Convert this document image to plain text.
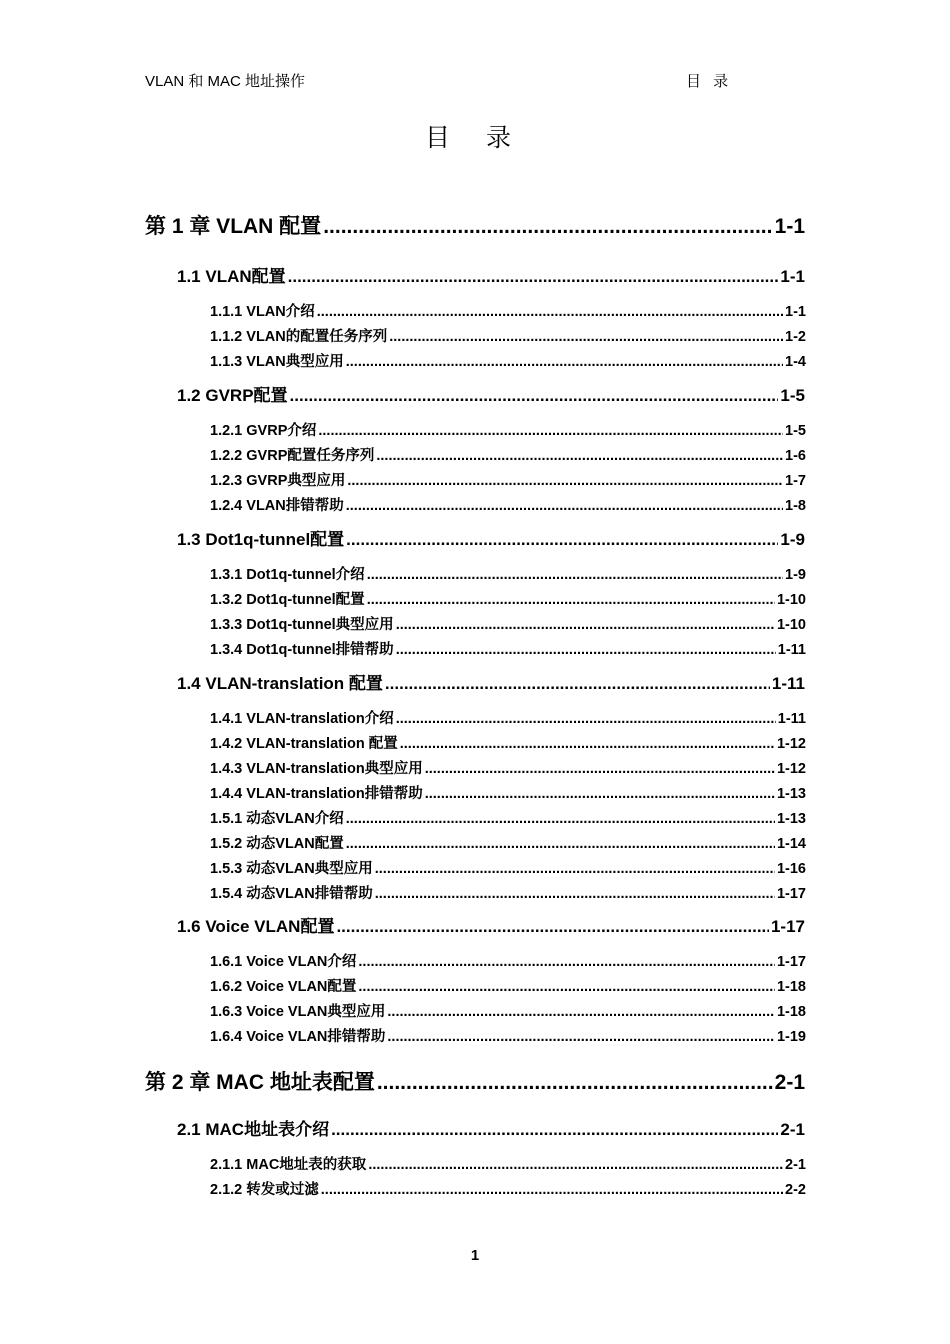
VLAN 和 MAC 地址操作	目 录
目 录
第 1 章 VLAN 配置 .....	1-1
1.1 VLAN配置 .....	1-1
1.1.1 VLAN介绍 .....	1-1
1.1.2 VLAN的配置任务序列 .....	1-2
1.1.3 VLAN典型应用 .....	1-4
1.2 GVRP配置 .....	1-5
1.2.1 GVRP介绍 .....	1-5
1.2.2 GVRP配置任务序列 .....	1-6
1.2.3 GVRP典型应用 .....	1-7
1.2.4 VLAN排错帮助 .....	1-8
1.3 Dot1q-tunnel配置 .....	1-9
1.3.1 Dot1q-tunnel介绍 .....	1-9
1.3.2 Dot1q-tunnel配置 .....	1-10
1.3.3 Dot1q-tunnel典型应用 .....	1-10
1.3.4 Dot1q-tunnel排错帮助 .....	1-11
1.4 VLAN-translation 配置 .....	1-11
1.4.1 VLAN-translation介绍 .....	1-11
1.4.2 VLAN-translation 配置 .....	1-12
1.4.3 VLAN-translation典型应用 .....	1-12
1.4.4 VLAN-translation排错帮助 .....	1-13
1.5.1 动态VLAN介绍 .....	1-13
1.5.2 动态VLAN配置 .....	1-14
1.5.3 动态VLAN典型应用 .....	1-16
1.5.4 动态VLAN排错帮助 .....	1-17
1.6 Voice VLAN配置 .....	1-17
1.6.1 Voice VLAN介绍 .....	1-17
1.6.2 Voice VLAN配置 .....	1-18
1.6.3 Voice VLAN典型应用 .....	1-18
1.6.4 Voice VLAN排错帮助 .....	1-19
第 2 章 MAC 地址表配置 .....	2-1
2.1 MAC地址表介绍 .....	2-1
2.1.1 MAC地址表的获取 .....	2-1
2.1.2 转发或过滤 .....	2-2
1
